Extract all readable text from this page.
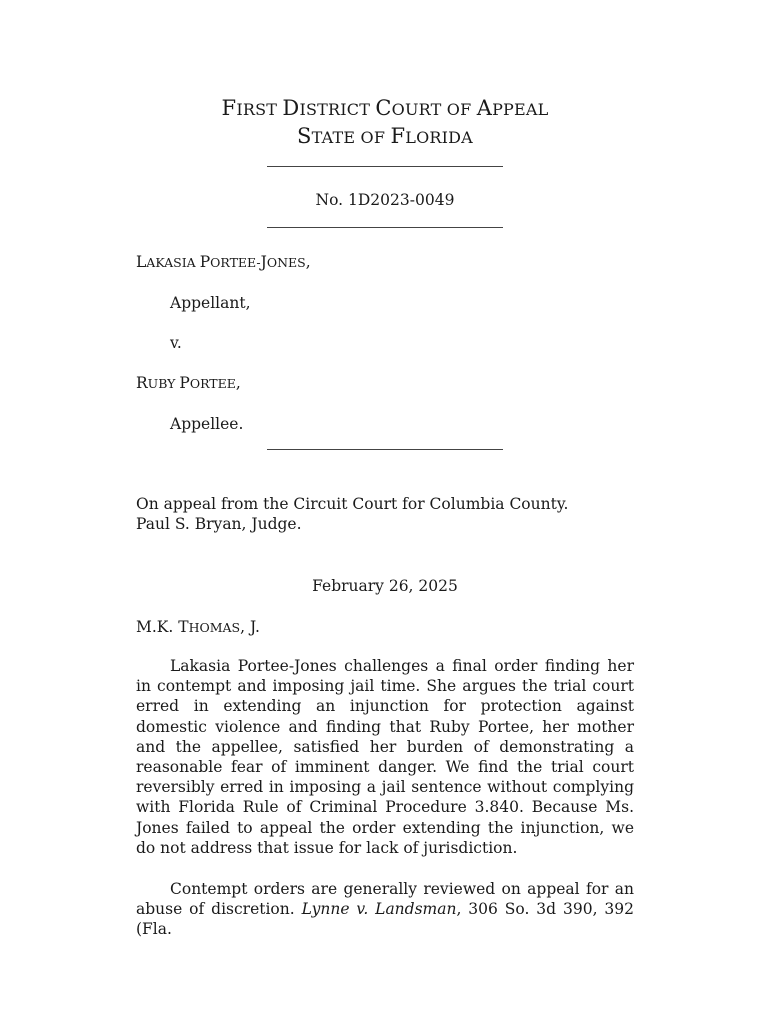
FIRST DISTRICT COURT OF APPEAL
STATE OF FLORIDA
No. 1D2023-0049
LAKASIA PORTEE-JONES,
Appellant,
v.
RUBY PORTEE,
Appellee.
On appeal from the Circuit Court for Columbia County.
Paul S. Bryan, Judge.
February 26, 2025
M.K. THOMAS, J.

Lakasia Portee-Jones challenges a final order finding her in contempt and imposing jail time. She argues the trial court erred in extending an injunction for protection against domestic violence and finding that Ruby Portee, her mother and the appellee, satisfied her burden of demonstrating a reasonable fear of imminent danger. We find the trial court reversibly erred in imposing a jail sentence without complying with Florida Rule of Criminal Procedure 3.840. Because Ms. Jones failed to appeal the order extending the injunction, we do not address that issue for lack of jurisdiction.

Contempt orders are generally reviewed on appeal for an abuse of discretion. Lynne v. Landsman, 306 So. 3d 390, 392 (Fla.
